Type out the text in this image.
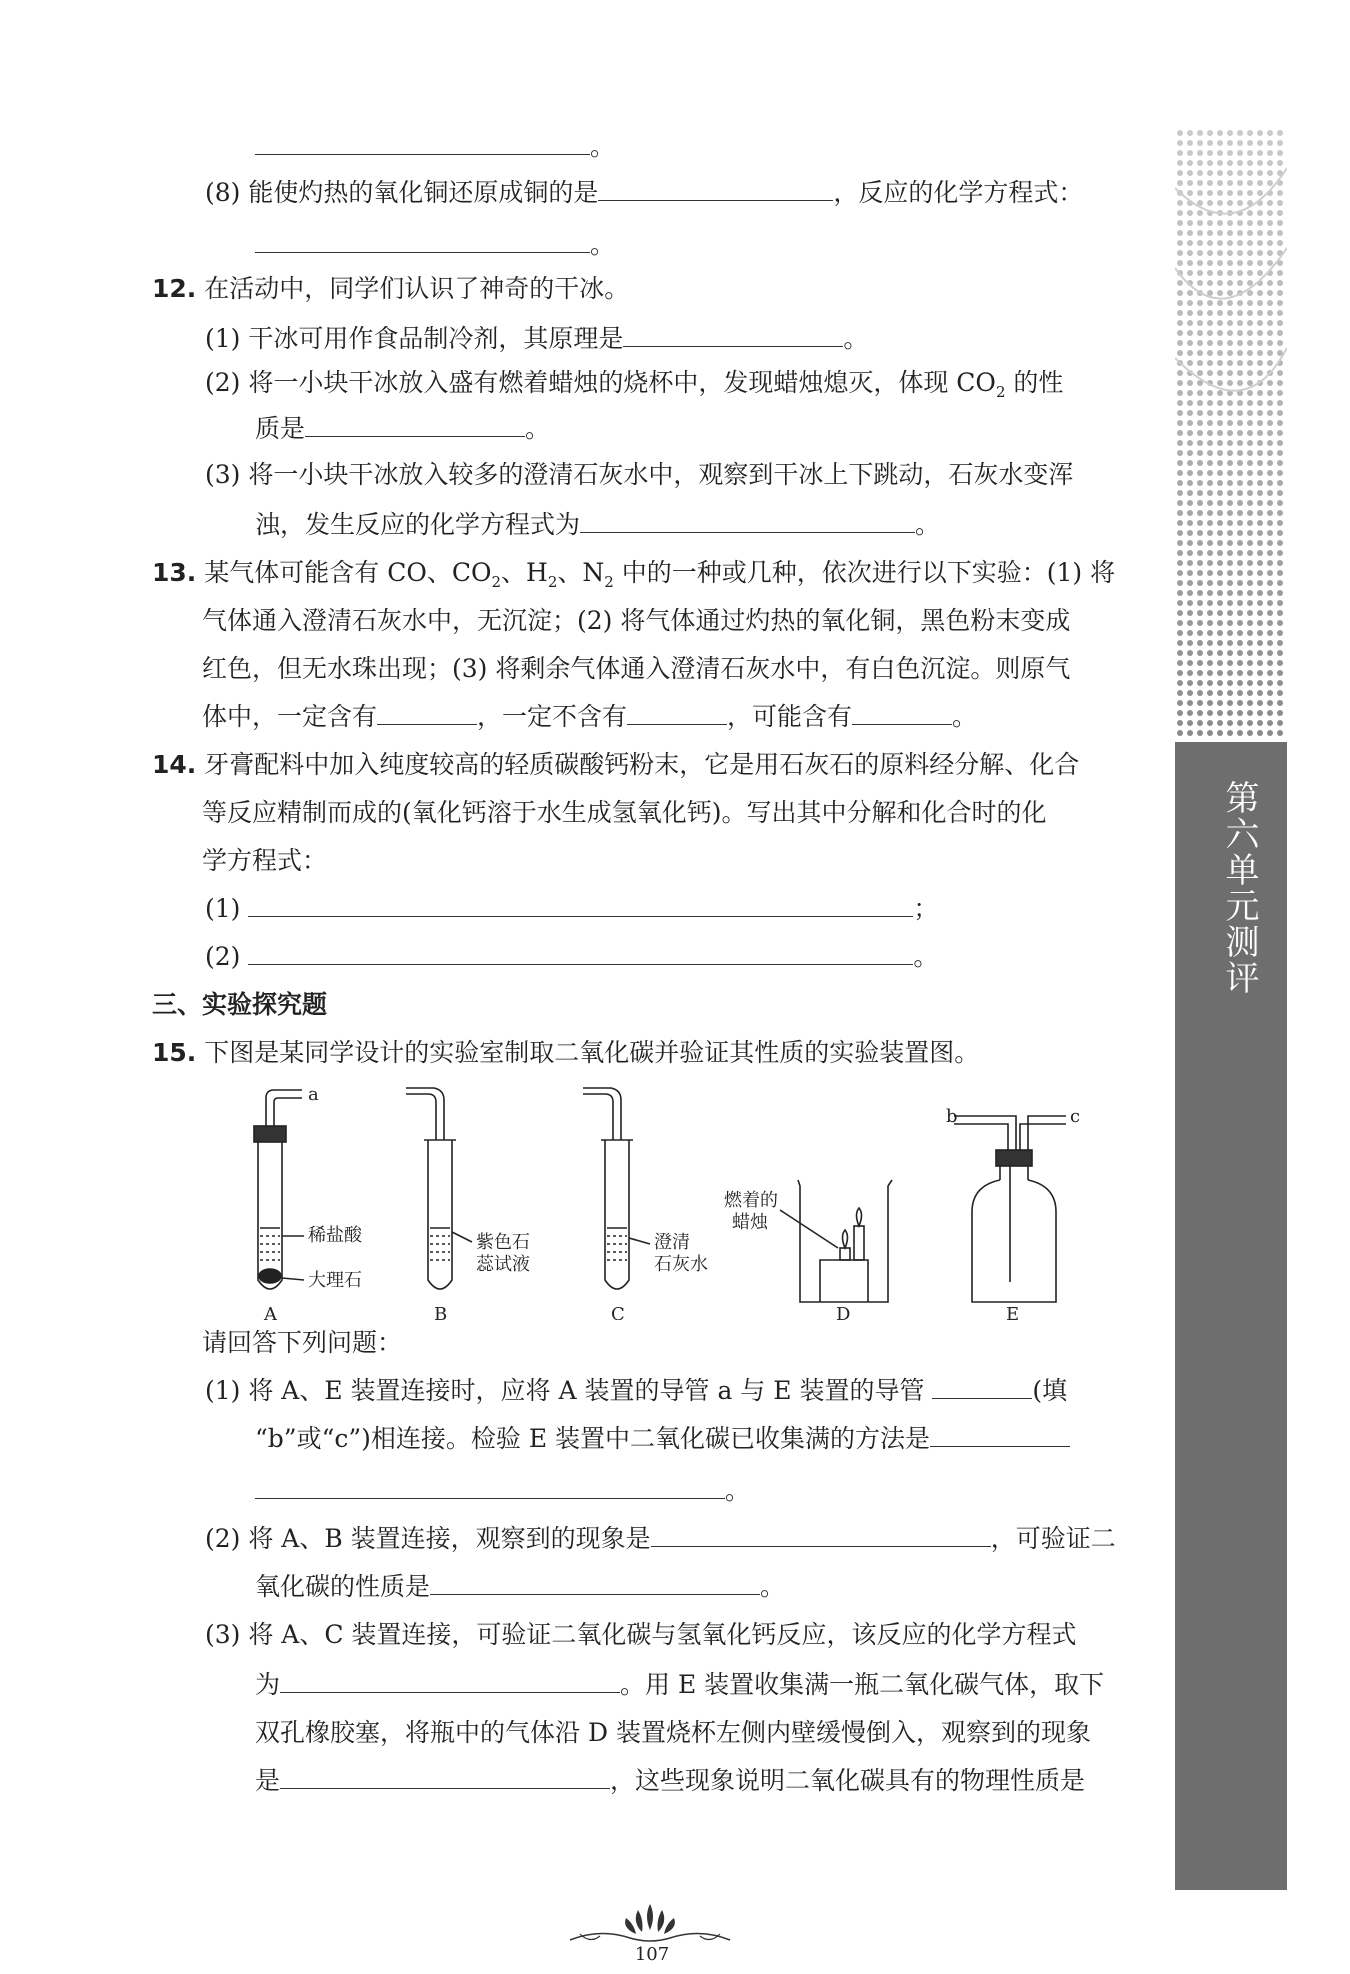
第六单元测评
。
(8) 能使灼热的氧化铜还原成铜的是	，反应的化学方程式：
。
12. 在活动中，同学们认识了神奇的干冰。
(1) 干冰可用作食品制冷剂，其原理是	。
(2) 将一小块干冰放入盛有燃着蜡烛的烧杯中，发现蜡烛熄灭，体现 $CO_2$ 的性
质是	。
(3) 将一小块干冰放入较多的澄清石灰水中，观察到干冰上下跳动，石灰水变浑
浊，发生反应的化学方程式为	。
13. 某气体可能含有 CO、$CO_2$、$H_2$、$N_2$ 中的一种或几种，依次进行以下实验：(1) 将
气体通入澄清石灰水中，无沉淀；(2) 将气体通过灼热的氧化铜，黑色粉末变成
红色，但无水珠出现；(3) 将剩余气体通入澄清石灰水中，有白色沉淀。则原气
体中，一定含有	，一定不含有	，可能含有	。
14. 牙膏配料中加入纯度较高的轻质碳酸钙粉末，它是用石灰石的原料经分解、化合
等反应精制而成的(氧化钙溶于水生成氢氧化钙)。写出其中分解和化合时的化
学方程式：
(1)	；
(2)	。
三、实验探究题
15. 下图是某同学设计的实验室制取二氧化碳并验证其性质的实验装置图。
a
稀盐酸
大理石
紫色石
蕊试液
澄清
石灰水
燃着的
蜡烛
b	c
A	B	C	D	E
请回答下列问题：
(1) 将 A、E 装置连接时，应将 A 装置的导管 a 与 E 装置的导管	(填
“b”或“c”)相连接。检验 E 装置中二氧化碳已收集满的方法是
。
(2) 将 A、B 装置连接，观察到的现象是	，可验证二
氧化碳的性质是	。
(3) 将 A、C 装置连接，可验证二氧化碳与氢氧化钙反应，该反应的化学方程式
为	。用 E 装置收集满一瓶二氧化碳气体，取下
双孔橡胶塞，将瓶中的气体沿 D 装置烧杯左侧内壁缓慢倒入，观察到的现象
是	，这些现象说明二氧化碳具有的物理性质是
107
